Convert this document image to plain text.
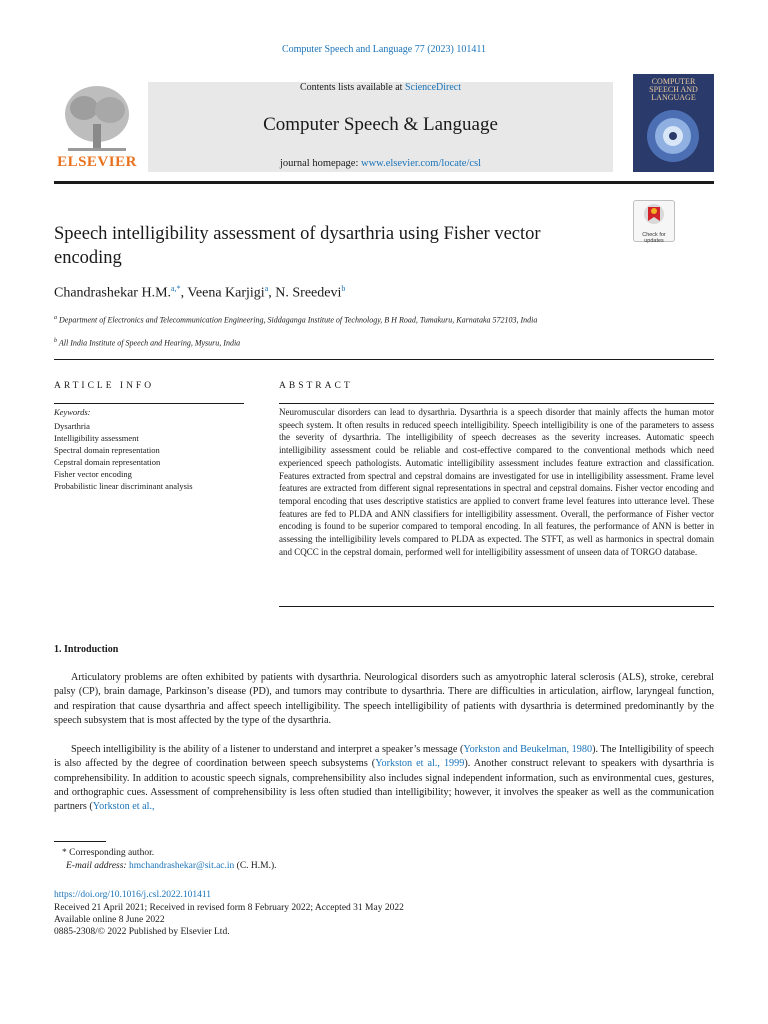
Computer Speech and Language 77 (2023) 101411
ELSEVIER
Contents lists available at ScienceDirect
Computer Speech & Language
journal homepage: www.elsevier.com/locate/csl
COMPUTER SPEECH AND LANGUAGE
Speech intelligibility assessment of dysarthria using Fisher vector encoding
Check for updates
Chandrashekar H.M.$^{a,*}$, Veena Karjigi$^a$, N. Sreedevi$^b$
$^a$ Department of Electronics and Telecommunication Engineering, Siddaganga Institute of Technology, B H Road, Tumakuru, Karnataka 572103, India
$^b$ All India Institute of Speech and Hearing, Mysuru, India
ARTICLE INFO
Keywords:
Dysarthria
Intelligibility assessment
Spectral domain representation
Cepstral domain representation
Fisher vector encoding
Probabilistic linear discriminant analysis
ABSTRACT
Neuromuscular disorders can lead to dysarthria. Dysarthria is a speech disorder that mainly affects the human motor speech system. It often results in reduced speech intelligibility. Speech intelligibility is one of the parameters to assess the severity of dysarthria. The intelligibility of speech decreases as the severity increases. Automatic speech intelligibility assessment could be reliable and cost-effective compared to the conventional methods which need experienced speech pathologists. Automatic intelligibility assessment includes feature extraction and classification. Features extracted from spectral and cepstral domains are investigated for use in intelligibility assessment. Frame level features are extracted from different signal representations in spectral and cepstral domains. Fisher vector encoding and temporal encoding that uses descriptive statistics are applied to convert frame level features into utterance level. These features are fed to PLDA and ANN classifiers for intelligibility assessment. Overall, the performance of Fisher vector encoding is found to be superior compared to temporal encoding. In all features, the performance of ANN is better in assessing the intelligibility levels compared to PLDA as expected. The STFT, as well as harmonics in spectral domain and CQCC in the cepstral domain, performed well for intelligibility assessment of unseen data of TORGO database.
1. Introduction
Articulatory problems are often exhibited by patients with dysarthria. Neurological disorders such as amyotrophic lateral sclerosis (ALS), stroke, cerebral palsy (CP), brain damage, Parkinson’s disease (PD), and tumors may contribute to dysarthria. There are difficulties in articulation, airflow, laryngeal function, and respiration that cause dysarthria and affect speech intelligibility. The speech intelligibility of patients with dysarthria is determined predominantly by the speech subsystem that is most affected by the type of the dysarthria.
Speech intelligibility is the ability of a listener to understand and interpret a speaker’s message (Yorkston and Beukelman, 1980). The Intelligibility of speech is also affected by the degree of coordination between speech subsystems (Yorkston et al., 1999). Another construct relevant to speakers with dysarthria is comprehensibility. In addition to acoustic speech signals, comprehensibility also includes signal independent information, such as environmental cues, gestures, and orthographic cues. Assessment of comprehensibility is less often studied than intelligibility; however, it involves the speaker as well as the communication partners (Yorkston et al.,
* Corresponding author.
E-mail address: hmchandrashekar@sit.ac.in (C. H.M.).
https://doi.org/10.1016/j.csl.2022.101411
Received 21 April 2021; Received in revised form 8 February 2022; Accepted 31 May 2022
Available online 8 June 2022
0885-2308/© 2022 Published by Elsevier Ltd.
